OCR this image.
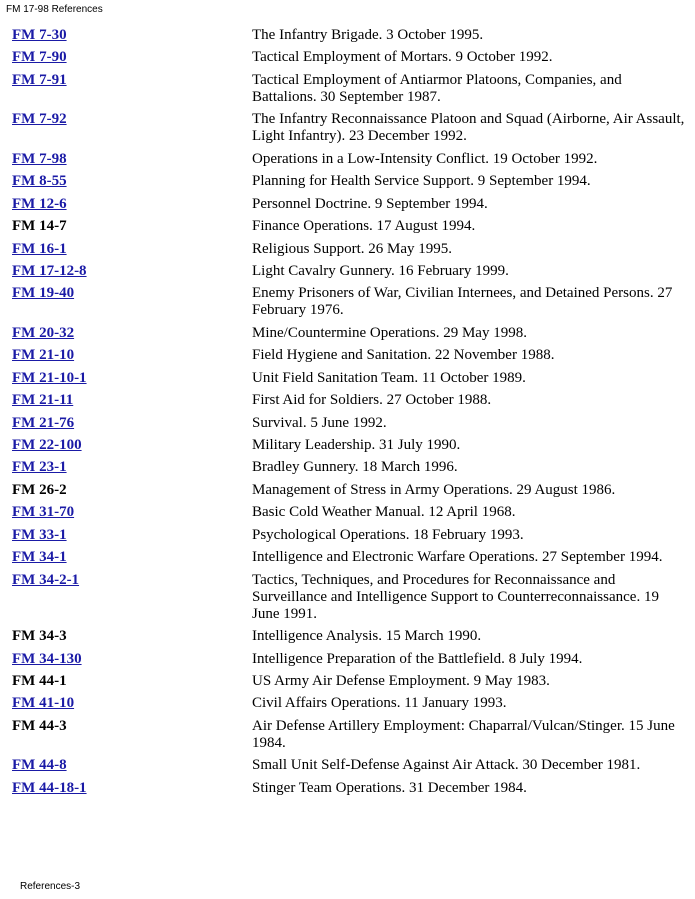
FM 17-98 References
FM 7-30	The Infantry Brigade. 3 October 1995.
FM 7-90	Tactical Employment of Mortars. 9 October 1992.
FM 7-91	Tactical Employment of Antiarmor Platoons, Companies, and Battalions. 30 September 1987.
FM 7-92	The Infantry Reconnaissance Platoon and Squad (Airborne, Air Assault, Light Infantry). 23 December 1992.
FM 7-98	Operations in a Low-Intensity Conflict. 19 October 1992.
FM 8-55	Planning for Health Service Support. 9 September 1994.
FM 12-6	Personnel Doctrine. 9 September 1994.
FM 14-7	Finance Operations. 17 August 1994.
FM 16-1	Religious Support. 26 May 1995.
FM 17-12-8	Light Cavalry Gunnery. 16 February 1999.
FM 19-40	Enemy Prisoners of War, Civilian Internees, and Detained Persons. 27 February 1976.
FM 20-32	Mine/Countermine Operations. 29 May 1998.
FM 21-10	Field Hygiene and Sanitation. 22 November 1988.
FM 21-10-1	Unit Field Sanitation Team. 11 October 1989.
FM 21-11	First Aid for Soldiers. 27 October 1988.
FM 21-76	Survival. 5 June 1992.
FM 22-100	Military Leadership. 31 July 1990.
FM 23-1	Bradley Gunnery. 18 March 1996.
FM 26-2	Management of Stress in Army Operations. 29 August 1986.
FM 31-70	Basic Cold Weather Manual. 12 April 1968.
FM 33-1	Psychological Operations. 18 February 1993.
FM 34-1	Intelligence and Electronic Warfare Operations. 27 September 1994.
FM 34-2-1	Tactics, Techniques, and Procedures for Reconnaissance and Surveillance and Intelligence Support to Counterreconnaissance. 19 June 1991.
FM 34-3	Intelligence Analysis. 15 March 1990.
FM 34-130	Intelligence Preparation of the Battlefield. 8 July 1994.
FM 44-1	US Army Air Defense Employment. 9 May 1983.
FM 41-10	Civil Affairs Operations. 11 January 1993.
FM 44-3	Air Defense Artillery Employment: Chaparral/Vulcan/Stinger. 15 June 1984.
FM 44-8	Small Unit Self-Defense Against Air Attack. 30 December 1981.
FM 44-18-1	Stinger Team Operations. 31 December 1984.
References-3
